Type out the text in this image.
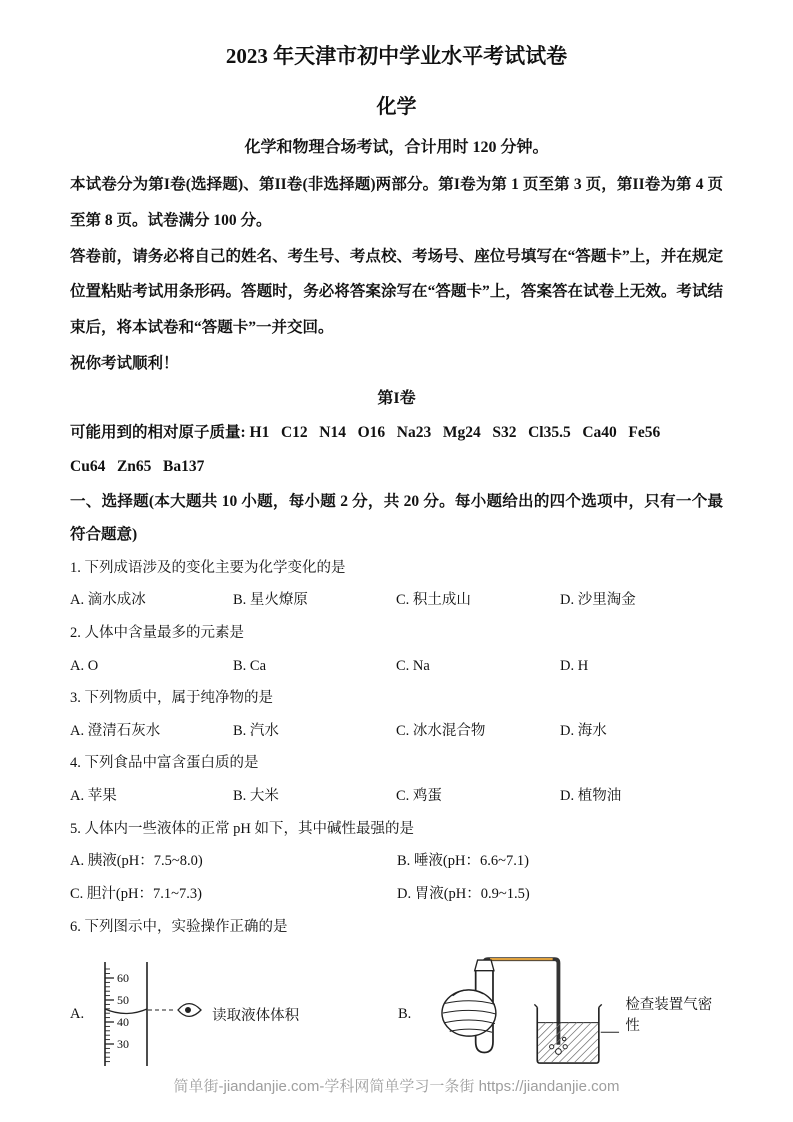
2023 年天津市初中学业水平考试试卷
化学
化学和物理合场考试，合计用时 120 分钟。

本试卷分为第I卷(选择题)、第II卷(非选择题)两部分。第I卷为第 1 页至第 3 页，第II卷为第 4 页至第 8 页。试卷满分 100 分。

答卷前，请务必将自己的姓名、考生号、考点校、考场号、座位号填写在“答题卡”上，并在规定位置粘贴考试用条形码。答题时，务必将答案涂写在“答题卡”上，答案答在试卷上无效。考试结束后，将本试卷和“答题卡”一并交回。

祝你考试顺利！
第I卷
可能用到的相对原子质量: H1   C12   N14   O16   Na23   Mg24   S32   Cl35.5   Ca40   Fe56
Cu64   Zn65   Ba137
一、选择题(本大题共 10 小题，每小题 2 分，共 20 分。每小题给出的四个选项中，只有一个最符合题意)
1. 下列成语涉及的变化主要为化学变化的是
A. 滴水成冰	B. 星火燎原	C. 积土成山	D. 沙里淘金
2. 人体中含量最多的元素是
A. O	B. Ca	C. Na	D. H
3. 下列物质中，属于纯净物的是
A. 澄清石灰水	B. 汽水	C. 冰水混合物	D. 海水
4. 下列食品中富含蛋白质的是
A. 苹果	B. 大米	C. 鸡蛋	D. 植物油
5. 人体内一些液体的正常 pH 如下，其中碱性最强的是
A. 胰液(pH：7.5~8.0)	B. 唾液(pH：6.6~7.1)
C. 胆汁(pH：7.1~7.3)	D. 胃液(pH：0.9~1.5)
6. 下列图示中，实验操作正确的是
A.
60
50
40
30
读取液体体积	B.
检查装置气密性
简单街-jiandanjie.com-学科网简单学习一条街 https://jiandanjie.com
